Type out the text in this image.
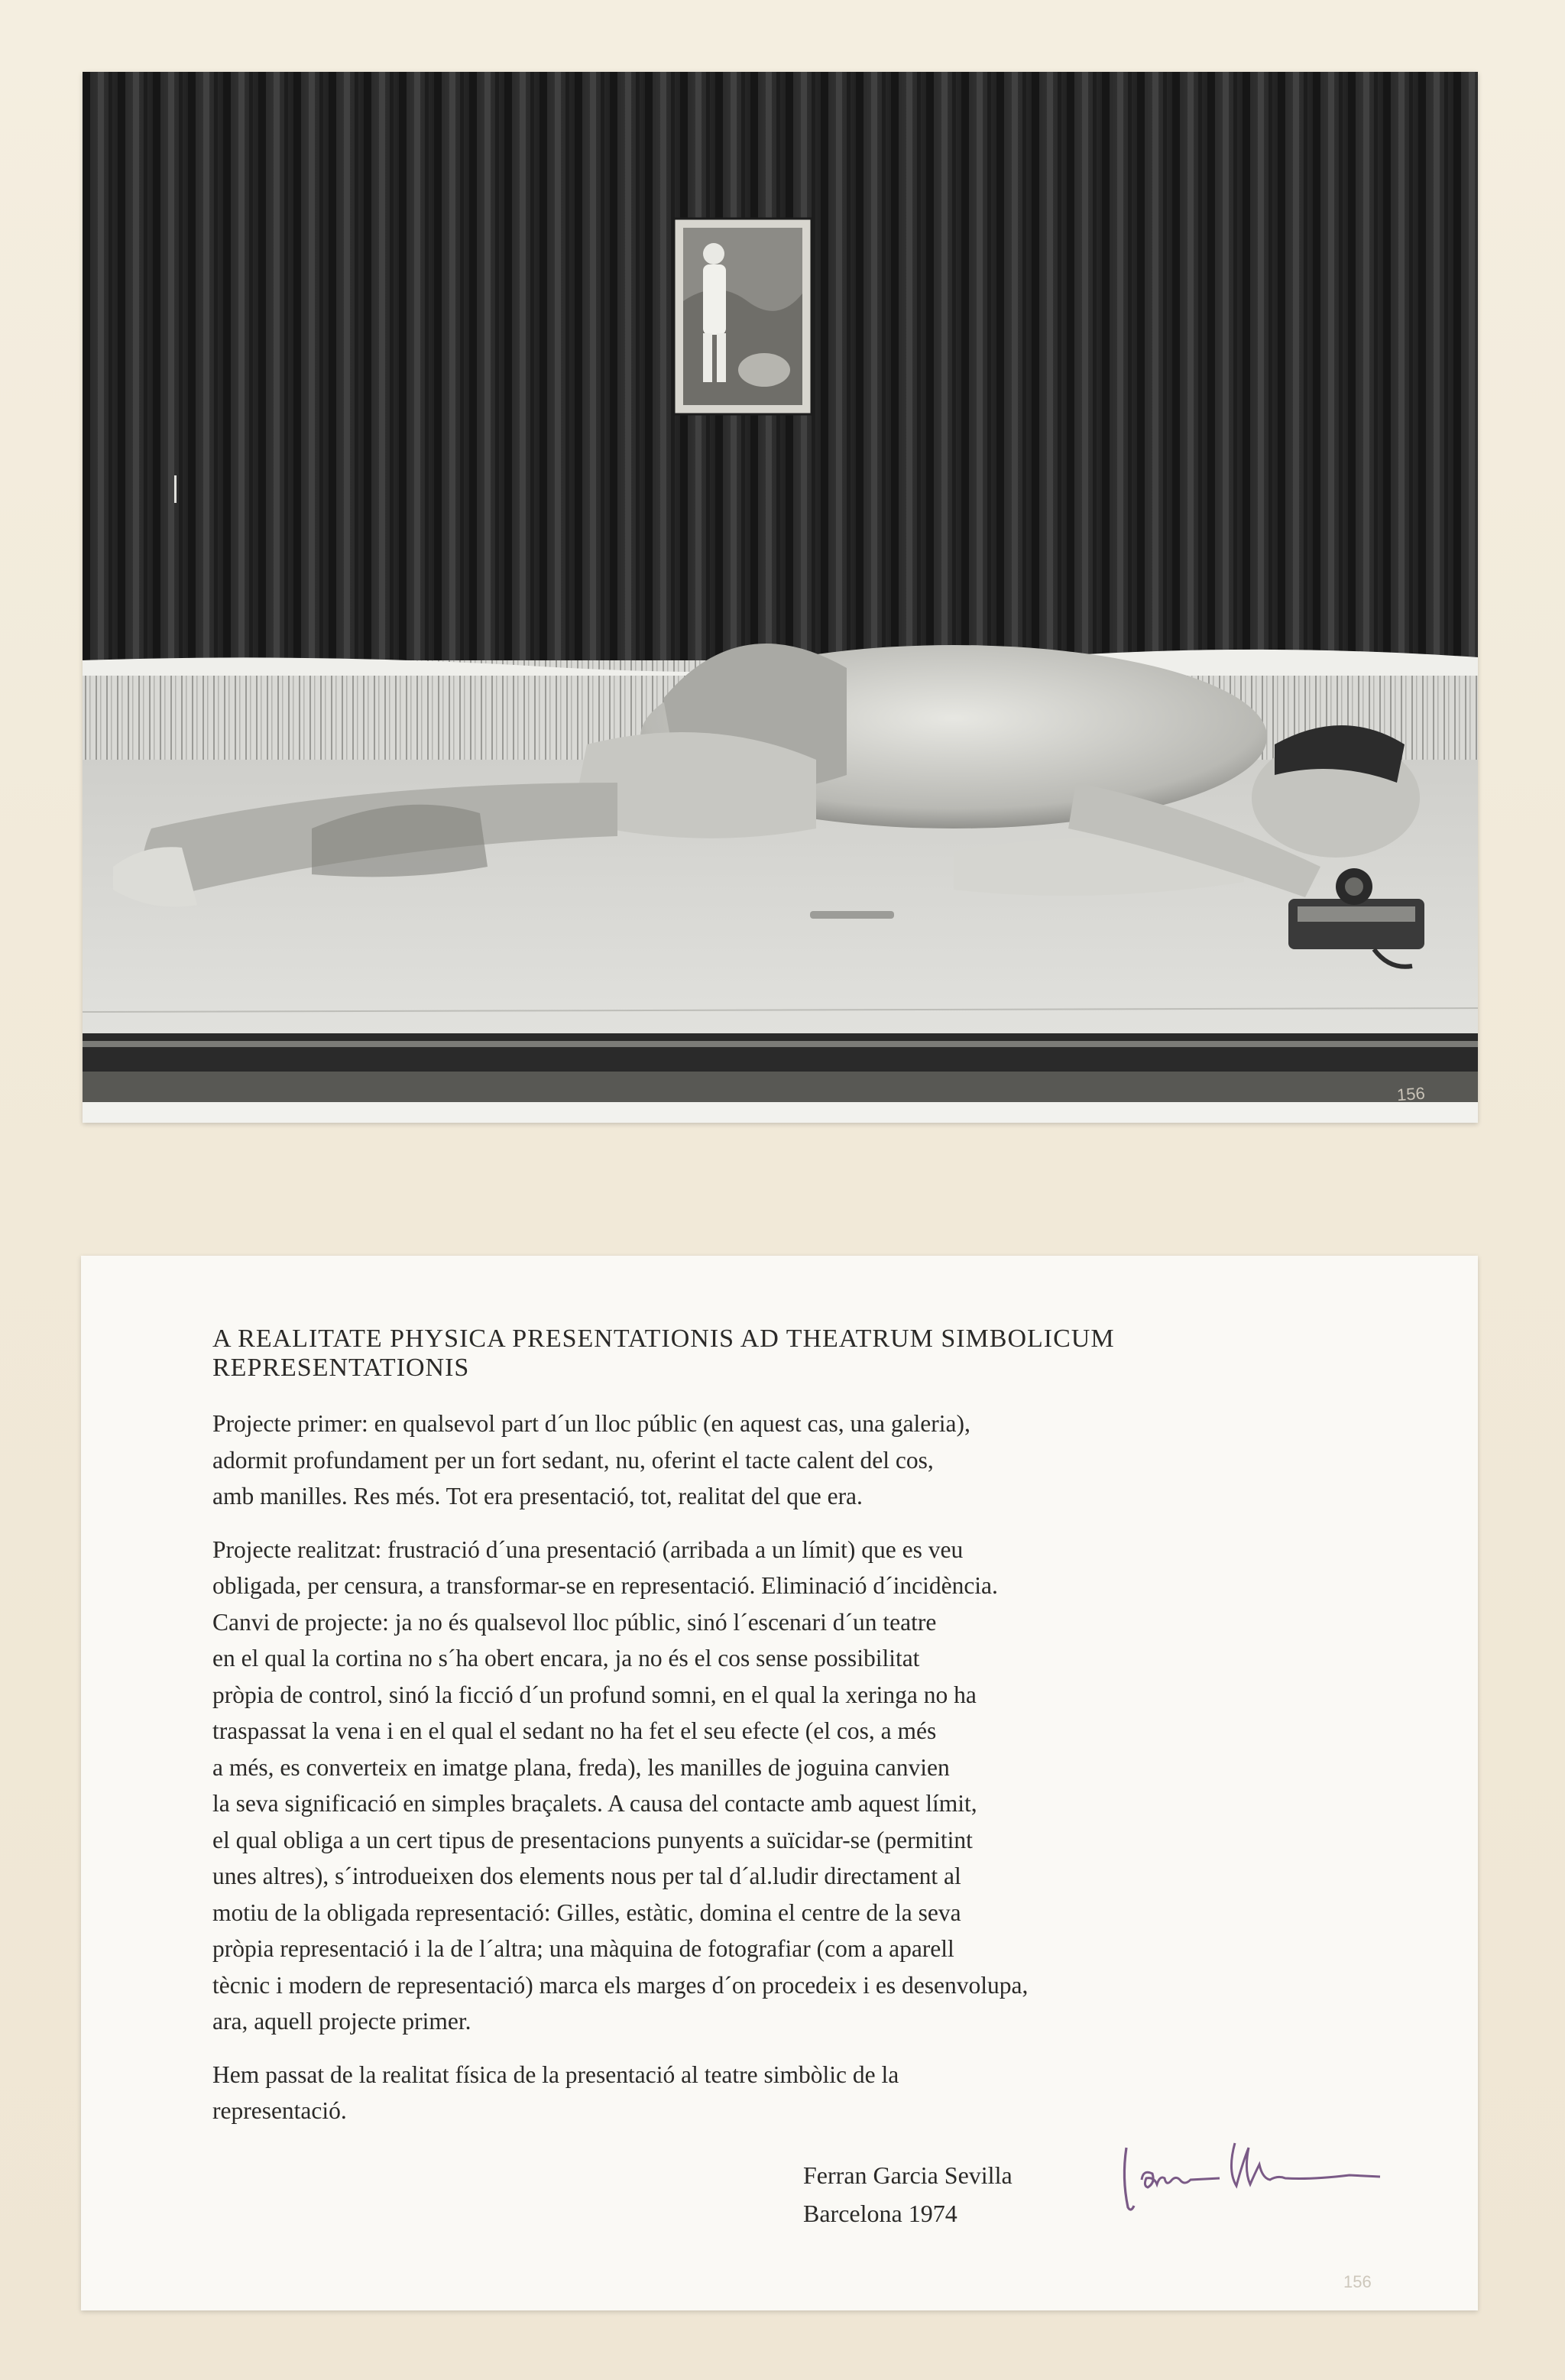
156
A REALITATE PHYSICA PRESENTATIONIS AD THEATRUM SIMBOLICUM
REPRESENTATIONIS

Projecte primer: en qualsevol part d´un lloc públic (en aquest cas, una galeria),
adormit profundament per un fort sedant, nu, oferint el tacte calent del cos,
amb manilles. Res més. Tot era presentació, tot, realitat del que era.

Projecte realitzat: frustració d´una presentació (arribada a un límit) que es veu
obligada, per censura, a transformar-se en representació. Eliminació d´incidència.
Canvi de projecte: ja no és qualsevol lloc públic, sinó l´escenari d´un teatre
en el qual la cortina no s´ha obert encara, ja no és el cos sense possibilitat
pròpia de control, sinó la ficció d´un profund somni, en el qual la xeringa no ha
traspassat la vena i en el qual el sedant no ha fet el seu efecte (el cos, a més
a més, es converteix en imatge plana, freda), les manilles de joguina canvien
la seva significació en simples braçalets. A causa del contacte amb aquest límit,
el qual obliga a un cert tipus de presentacions punyents a suïcidar-se (permitint
unes altres), s´introdueixen dos elements nous per tal d´al.ludir directament al
motiu de la obligada representació: Gilles, estàtic, domina el centre de la seva
pròpia representació i la de l´altra; una màquina de fotografiar (com a aparell
tècnic i modern de representació) marca els marges d´on procedeix i es desenvolupa,
ara, aquell projecte primer.

Hem passat de la realitat física de la presentació al teatre simbòlic de la
representació.

Ferran Garcia Sevilla
Barcelona 1974
156
